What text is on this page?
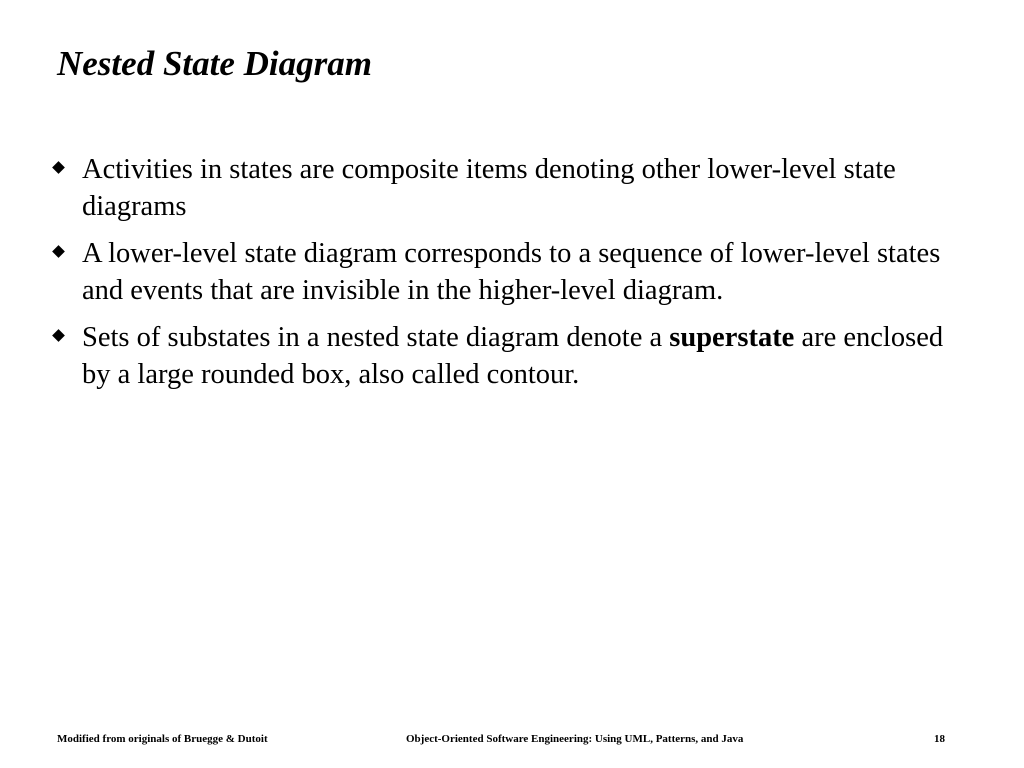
Nested State Diagram
Activities in states are composite items denoting other lower-level state diagrams
A lower-level state diagram corresponds to a sequence of lower-level states and events that are invisible in the higher-level diagram.
Sets of substates in a nested state diagram denote a superstate are enclosed by a large rounded box, also called contour.
Modified from originals of Bruegge & Dutoit	Object-Oriented Software Engineering: Using UML, Patterns, and Java	18
